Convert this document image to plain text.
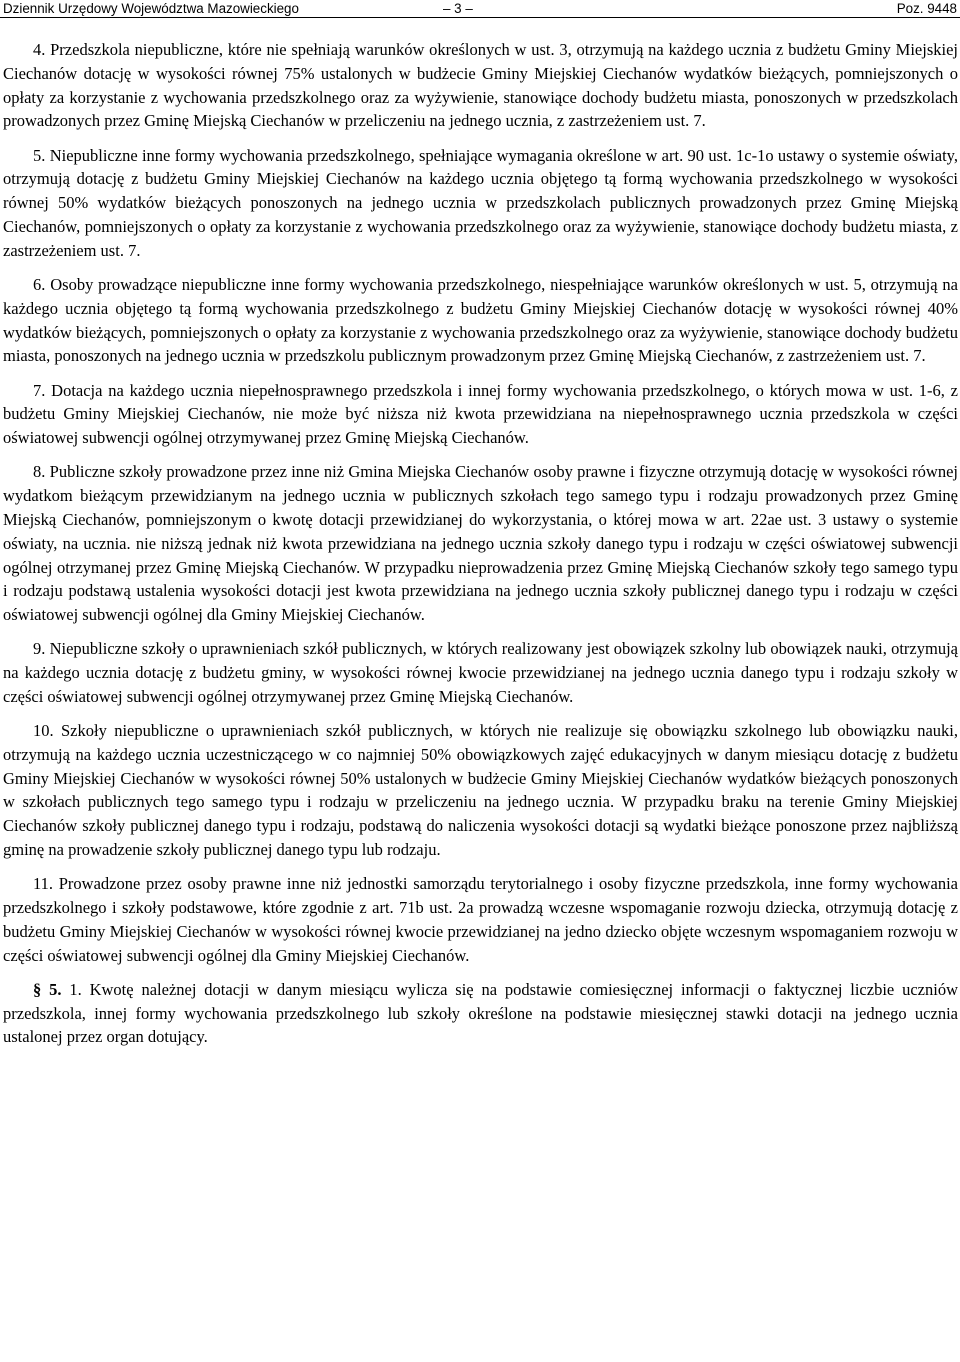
Dziennik Urzędowy Województwa Mazowieckiego	– 3 –	Poz. 9448

4. Przedszkola niepubliczne, które nie spełniają warunków określonych w ust. 3, otrzymują na każdego ucznia z budżetu Gminy Miejskiej Ciechanów dotację w wysokości równej 75% ustalonych w budżecie Gminy Miejskiej Ciechanów wydatków bieżących, pomniejszonych o opłaty za korzystanie z wychowania przedszkolnego oraz za wyżywienie, stanowiące dochody budżetu miasta, ponoszonych w przedszkolach prowadzonych przez Gminę Miejską Ciechanów w przeliczeniu na jednego ucznia, z zastrzeżeniem ust. 7.

5. Niepubliczne inne formy wychowania przedszkolnego, spełniające wymagania określone w art. 90 ust. 1c-1o ustawy o systemie oświaty, otrzymują dotację z budżetu Gminy Miejskiej Ciechanów na każdego ucznia objętego tą formą wychowania przedszkolnego w wysokości równej 50% wydatków bieżących ponoszonych na jednego ucznia w przedszkolach publicznych prowadzonych przez Gminę Miejską Ciechanów, pomniejszonych o opłaty za korzystanie z wychowania przedszkolnego oraz za wyżywienie, stanowiące dochody budżetu miasta, z zastrzeżeniem ust. 7.

6. Osoby prowadzące niepubliczne inne formy wychowania przedszkolnego, niespełniające warunków określonych w ust. 5, otrzymują na każdego ucznia objętego tą formą wychowania przedszkolnego z budżetu Gminy Miejskiej Ciechanów dotację w wysokości równej 40% wydatków bieżących, pomniejszonych o opłaty za korzystanie z wychowania przedszkolnego oraz za wyżywienie, stanowiące dochody budżetu miasta, ponoszonych na jednego ucznia w przedszkolu publicznym prowadzonym przez Gminę Miejską Ciechanów, z zastrzeżeniem ust. 7.

7. Dotacja na każdego ucznia niepełnosprawnego przedszkola i innej formy wychowania przedszkolnego, o których mowa w ust. 1-6, z budżetu Gminy Miejskiej Ciechanów, nie może być niższa niż kwota przewidziana na niepełnosprawnego ucznia przedszkola w części oświatowej subwencji ogólnej otrzymywanej przez Gminę Miejską Ciechanów.

8. Publiczne szkoły prowadzone przez inne niż Gmina Miejska Ciechanów osoby prawne i fizyczne otrzymują dotację w wysokości równej wydatkom bieżącym przewidzianym na jednego ucznia w publicznych szkołach tego samego typu i rodzaju prowadzonych przez Gminę Miejską Ciechanów, pomniejszonym o kwotę dotacji przewidzianej do wykorzystania, o której mowa w art. 22ae ust. 3 ustawy o systemie oświaty, na ucznia. nie niższą jednak niż kwota przewidziana na jednego ucznia szkoły danego typu i rodzaju w części oświatowej subwencji ogólnej otrzymanej przez Gminę Miejską Ciechanów. W przypadku nieprowadzenia przez Gminę Miejską Ciechanów szkoły tego samego typu i rodzaju podstawą ustalenia wysokości dotacji jest kwota przewidziana na jednego ucznia szkoły publicznej danego typu i rodzaju w części oświatowej subwencji ogólnej dla Gminy Miejskiej Ciechanów.

9. Niepubliczne szkoły o uprawnieniach szkół publicznych, w których realizowany jest obowiązek szkolny lub obowiązek nauki, otrzymują na każdego ucznia dotację z budżetu gminy, w wysokości równej kwocie przewidzianej na jednego ucznia danego typu i rodzaju szkoły w części oświatowej subwencji ogólnej otrzymywanej przez Gminę Miejską Ciechanów.

10. Szkoły niepubliczne o uprawnieniach szkół publicznych, w których nie realizuje się obowiązku szkolnego lub obowiązku nauki, otrzymują na każdego ucznia uczestniczącego w co najmniej 50% obowiązkowych zajęć edukacyjnych w danym miesiącu dotację z budżetu Gminy Miejskiej Ciechanów w wysokości równej 50% ustalonych w budżecie Gminy Miejskiej Ciechanów wydatków bieżących ponoszonych w szkołach publicznych tego samego typu i rodzaju w przeliczeniu na jednego ucznia. W przypadku braku na terenie Gminy Miejskiej Ciechanów szkoły publicznej danego typu i rodzaju, podstawą do naliczenia wysokości dotacji są wydatki bieżące ponoszone przez najbliższą gminę na prowadzenie szkoły publicznej danego typu lub rodzaju.

11. Prowadzone przez osoby prawne inne niż jednostki samorządu terytorialnego i osoby fizyczne przedszkola, inne formy wychowania przedszkolnego i szkoły podstawowe, które zgodnie z art. 71b ust. 2a prowadzą wczesne wspomaganie rozwoju dziecka, otrzymują dotację z budżetu Gminy Miejskiej Ciechanów w wysokości równej kwocie przewidzianej na jedno dziecko objęte wczesnym wspomaganiem rozwoju w części oświatowej subwencji ogólnej dla Gminy Miejskiej Ciechanów.

§ 5. 1. Kwotę należnej dotacji w danym miesiącu wylicza się na podstawie comiesięcznej informacji o faktycznej liczbie uczniów przedszkola, innej formy wychowania przedszkolnego lub szkoły określone na podstawie miesięcznej stawki dotacji na jednego ucznia ustalonej przez organ dotujący.
